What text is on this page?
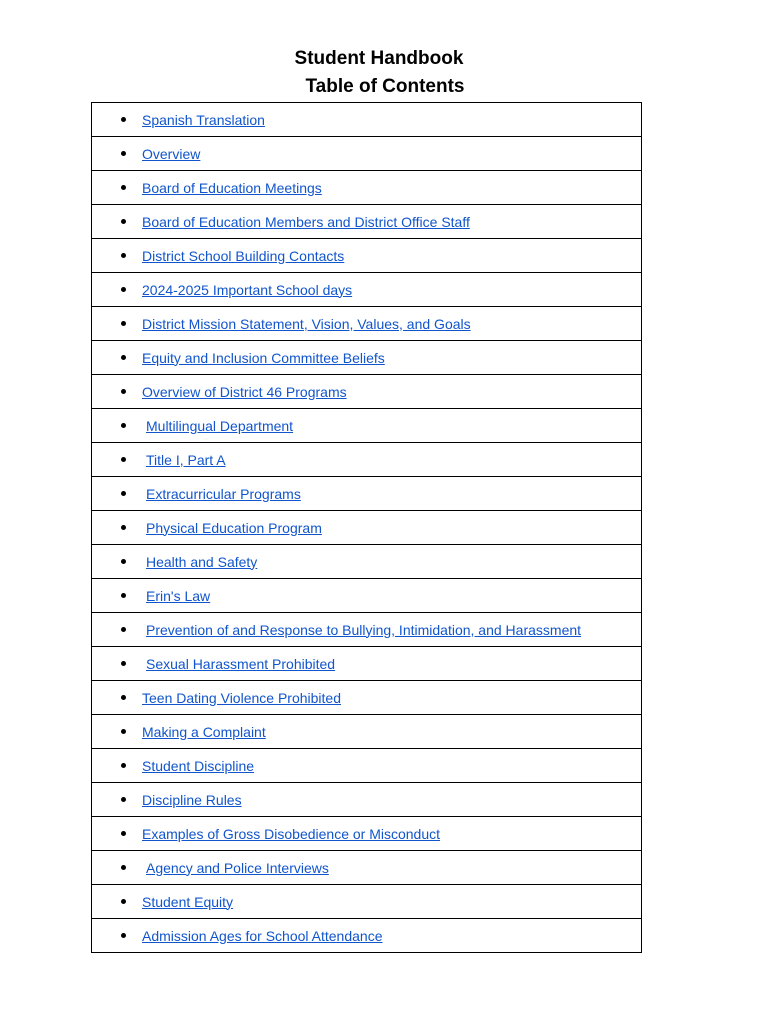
Student Handbook
Table of Contents
Spanish Translation

Overview

Board of Education Meetings

Board of Education Members and District Office Staff

District School Building Contacts

2024-2025 Important School days

District Mission Statement, Vision, Values, and Goals

Equity and Inclusion Committee Beliefs

Overview of District 46 Programs

Multilingual Department

Title I, Part A

Extracurricular Programs

Physical Education Program

Health and Safety

Erin's Law

Prevention of and Response to Bullying, Intimidation, and Harassment

Sexual Harassment Prohibited

Teen Dating Violence Prohibited

Making a Complaint

Student Discipline

Discipline Rules

Examples of Gross Disobedience or Misconduct

Agency and Police Interviews

Student Equity

Admission Ages for School Attendance
